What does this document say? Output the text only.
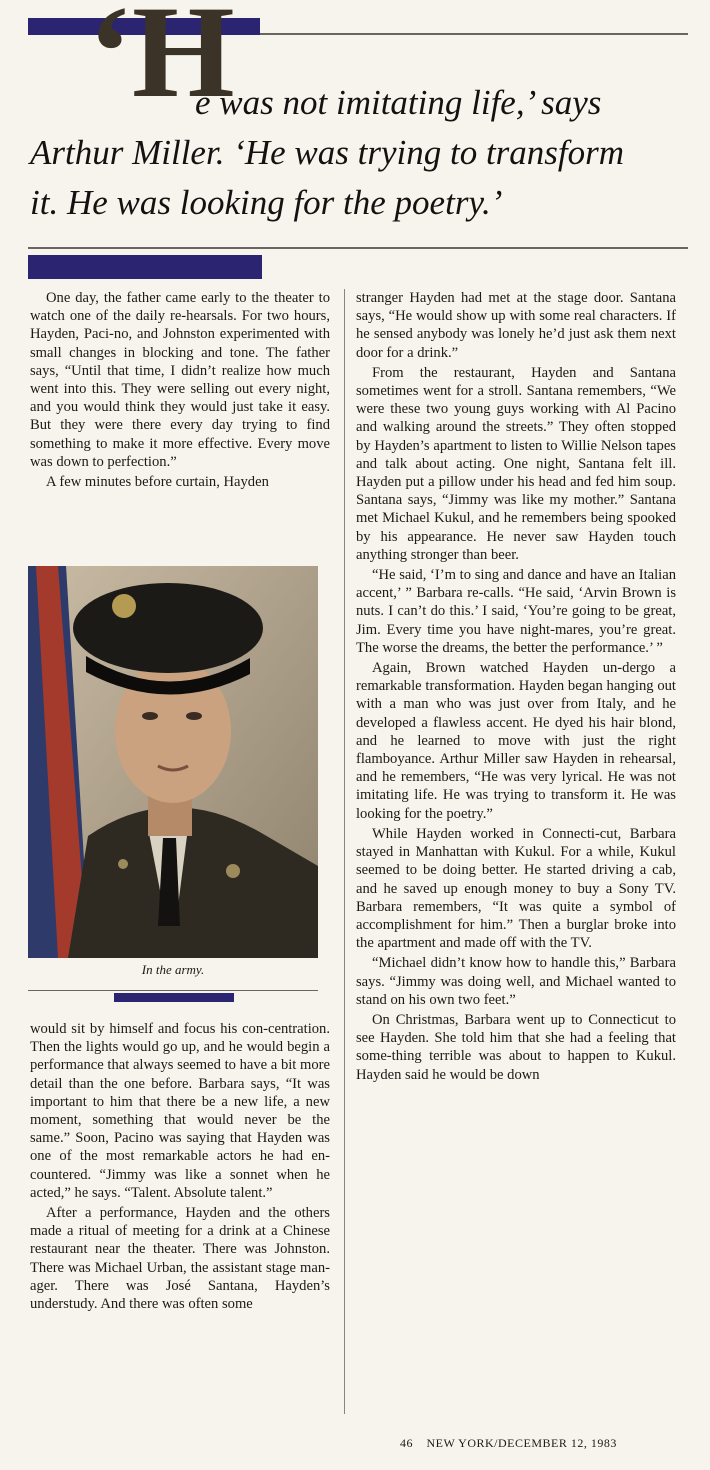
‘H
e was not imitating life,’ says
Arthur Miller. ‘He was trying to transform
it. He was looking for the poetry.’

One day, the father came early to the theater to watch one of the daily re-hearsals. For two hours, Hayden, Paci-no, and Johnston experimented with small changes in blocking and tone. The father says, “Until that time, I didn’t realize how much went into this. They were selling out every night, and you would think they would just take it easy. But they were there every day trying to find something to make it more effective. Every move was down to perfection.”

A few minutes before curtain, Hayden

In the army.

would sit by himself and focus his con-centration. Then the lights would go up, and he would begin a performance that always seemed to have a bit more detail than the one before. Barbara says, “It was important to him that there be a new life, a new moment, something that would never be the same.” Soon, Pacino was saying that Hayden was one of the most remarkable actors he had en-countered. “Jimmy was like a sonnet when he acted,” he says. “Talent. Absolute talent.”

After a performance, Hayden and the others made a ritual of meeting for a drink at a Chinese restaurant near the theater. There was Johnston. There was Michael Urban, the assistant stage man-ager. There was José Santana, Hayden’s understudy. And there was often some

stranger Hayden had met at the stage door. Santana says, “He would show up with some real characters. If he sensed anybody was lonely he’d just ask them next door for a drink.”

From the restaurant, Hayden and Santana sometimes went for a stroll. Santana remembers, “We were these two young guys working with Al Pacino and walking around the streets.” They often stopped by Hayden’s apartment to listen to Willie Nelson tapes and talk about acting. One night, Santana felt ill. Hayden put a pillow under his head and fed him soup. Santana says, “Jimmy was like my mother.” Santana met Michael Kukul, and he remembers being spooked by his appearance. He never saw Hayden touch anything stronger than beer.

“He said, ‘I’m to sing and dance and have an Italian accent,’ ” Barbara re-calls. “He said, ‘Arvin Brown is nuts. I can’t do this.’ I said, ‘You’re going to be great, Jim. Every time you have night-mares, you’re great. The worse the dreams, the better the performance.’ ”

Again, Brown watched Hayden un-dergo a remarkable transformation. Hayden began hanging out with a man who was just over from Italy, and he developed a flawless accent. He dyed his hair blond, and he learned to move with just the right flamboyance. Arthur Miller saw Hayden in rehearsal, and he remembers, “He was very lyrical. He was not imitating life. He was trying to transform it. He was looking for the poetry.”

While Hayden worked in Connecti-cut, Barbara stayed in Manhattan with Kukul. For a while, Kukul seemed to be doing better. He started driving a cab, and he saved up enough money to buy a Sony TV. Barbara remembers, “It was quite a symbol of accomplishment for him.” Then a burglar broke into the apartment and made off with the TV.

“Michael didn’t know how to handle this,” Barbara says. “Jimmy was doing well, and Michael wanted to stand on his own two feet.”

On Christmas, Barbara went up to Connecticut to see Hayden. She told him that she had a feeling that some-thing terrible was about to happen to Kukul. Hayden said he would be down

46 NEW YORK/DECEMBER 12, 1983
